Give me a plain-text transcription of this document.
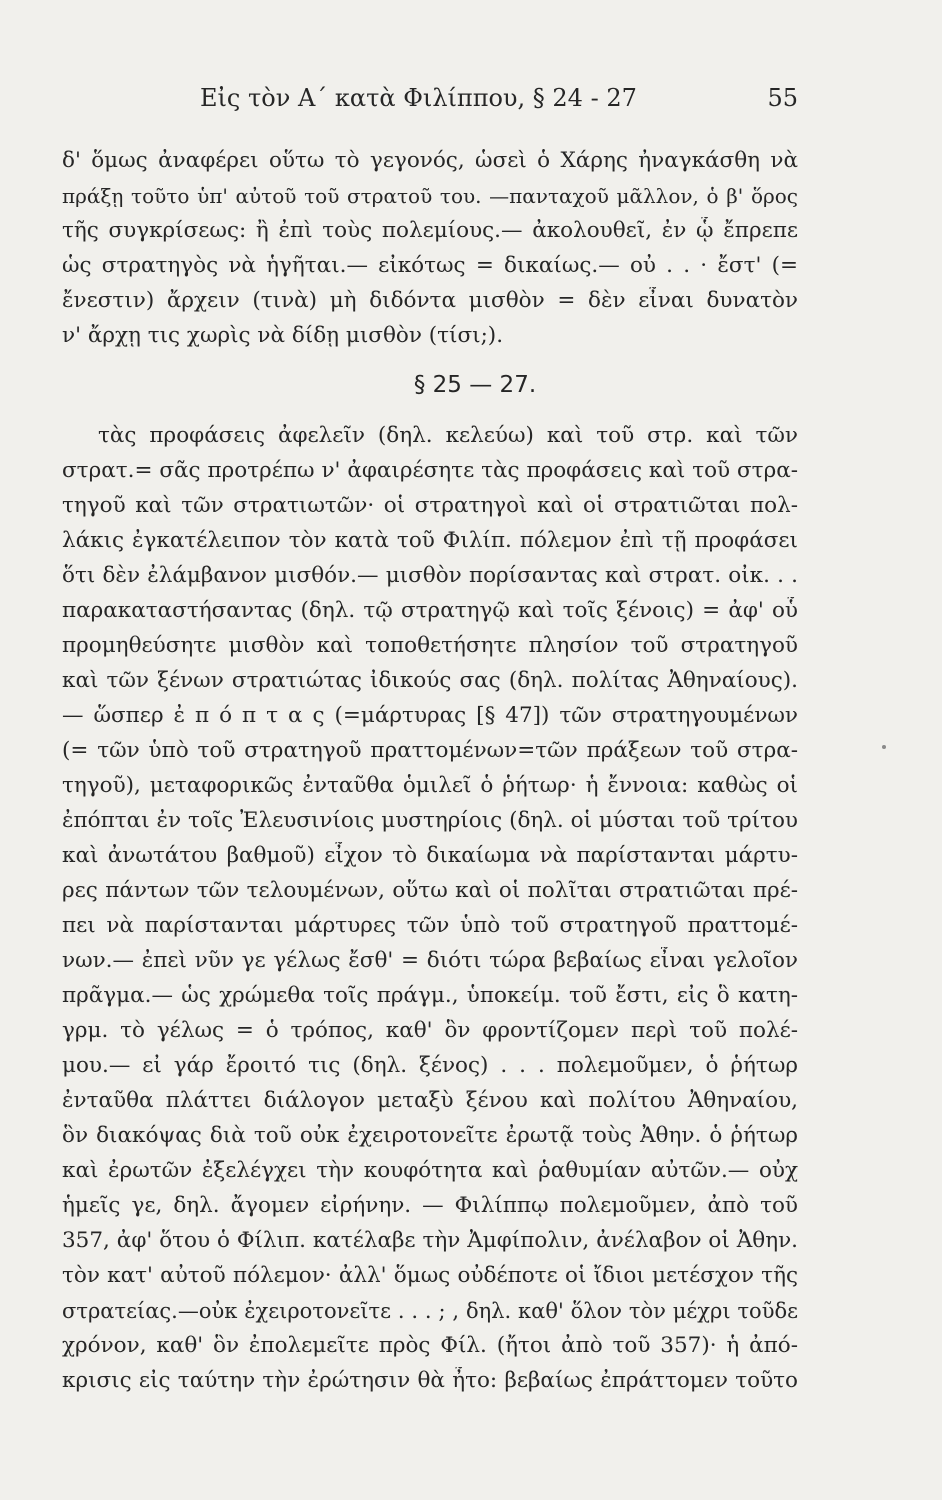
Εἰς τὸν Α΄ κατὰ Φιλίππου, § 24 - 27	55
δ' ὅμως ἀναφέρει οὕτω τὸ γεγονός, ὡσεὶ ὁ Χάρης ἠναγκάσθη νὰ
πράξῃ τοῦτο ὑπ' αὐτοῦ τοῦ στρατοῦ του. —πανταχοῦ μᾶλλον, ὁ β' ὅρος
τῆς συγκρίσεως: ἢ ἐπὶ τοὺς πολεμίους.— ἀκολουθεῖ, ἐν ᾧ ἔπρεπε
ὡς στρατηγὸς νὰ ἡγῆται.— εἰκότως = δικαίως.— οὐ . . · ἔστ' (=
ἔνεστιν) ἄρχειν (τινὰ) μὴ διδόντα μισθὸν = δὲν εἶναι δυνατὸν
ν' ἄρχῃ τις χωρὶς νὰ δίδῃ μισθὸν (τίσι;).
§ 25 — 27.
τὰς προφάσεις ἀφελεῖν (δηλ. κελεύω) καὶ τοῦ στρ. καὶ τῶν
στρατ.= σᾶς προτρέπω ν' ἀφαιρέσητε τὰς προφάσεις καὶ τοῦ στρα-
τηγοῦ καὶ τῶν στρατιωτῶν· οἱ στρατηγοὶ καὶ οἱ στρατιῶται πολ-
λάκις ἐγκατέλειπον τὸν κατὰ τοῦ Φιλίπ. πόλεμον ἐπὶ τῇ προφάσει
ὅτι δὲν ἐλάμβανον μισθόν.— μισθὸν πορίσαντας καὶ στρατ. οἰκ. . .
παρακαταστήσαντας (δηλ. τῷ στρατηγῷ καὶ τοῖς ξένοις) = ἀφ' οὗ
προμηθεύσητε μισθὸν καὶ τοποθετήσητε πλησίον τοῦ στρατηγοῦ
καὶ τῶν ξένων στρατιώτας ἰδικούς σας (δηλ. πολίτας Ἀθηναίους).
— ὥσπερ ἐ π ό π τ α ς (=μάρτυρας [§ 47]) τῶν στρατηγουμένων
(= τῶν ὑπὸ τοῦ στρατηγοῦ πραττομένων=τῶν πράξεων τοῦ στρα-
τηγοῦ), μεταφορικῶς ἐνταῦθα ὁμιλεῖ ὁ ῥήτωρ· ἡ ἔννοια: καθὼς οἱ
ἐπόπται ἐν τοῖς Ἐλευσινίοις μυστηρίοις (δηλ. οἱ μύσται τοῦ τρίτου
καὶ ἀνωτάτου βαθμοῦ) εἶχον τὸ δικαίωμα νὰ παρίστανται μάρτυ-
ρες πάντων τῶν τελουμένων, οὕτω καὶ οἱ πολῖται στρατιῶται πρέ-
πει νὰ παρίστανται μάρτυρες τῶν ὑπὸ τοῦ στρατηγοῦ πραττομέ-
νων.— ἐπεὶ νῦν γε γέλως ἔσθ' = διότι τώρα βεβαίως εἶναι γελοῖον
πρᾶγμα.— ὡς χρώμεθα τοῖς πράγμ., ὑποκείμ. τοῦ ἔστι, εἰς ὃ κατη-
γρμ. τὸ γέλως = ὁ τρόπος, καθ' ὃν φροντίζομεν περὶ τοῦ πολέ-
μου.— εἰ γάρ ἔροιτό τις (δηλ. ξένος) . . . πολεμοῦμεν, ὁ ῥήτωρ
ἐνταῦθα πλάττει διάλογον μεταξὺ ξένου καὶ πολίτου Ἀθηναίου,
ὃν διακόψας διὰ τοῦ οὐκ ἐχειροτονεῖτε ἐρωτᾷ τοὺς Ἀθην. ὁ ῥήτωρ
καὶ ἐρωτῶν ἐξελέγχει τὴν κουφότητα καὶ ῥαθυμίαν αὐτῶν.— οὐχ
ἡμεῖς γε, δηλ. ἄγομεν εἰρήνην. — Φιλίππῳ πολεμοῦμεν, ἀπὸ τοῦ
357, ἀφ' ὅτου ὁ Φίλιπ. κατέλαβε τὴν Ἀμφίπολιν, ἀνέλαβον οἱ Ἀθην.
τὸν κατ' αὐτοῦ πόλεμον· ἀλλ' ὅμως οὐδέποτε οἱ ἴδιοι μετέσχον τῆς
στρατείας.—οὐκ ἐχειροτονεῖτε . . . ; , δηλ. καθ' ὅλον τὸν μέχρι τοῦδε
χρόνον, καθ' ὃν ἐπολεμεῖτε πρὸς Φίλ. (ἤτοι ἀπὸ τοῦ 357)· ἡ ἀπό-
κρισις εἰς ταύτην τὴν ἐρώτησιν θὰ ἦτο: βεβαίως ἐπράττομεν τοῦτο
